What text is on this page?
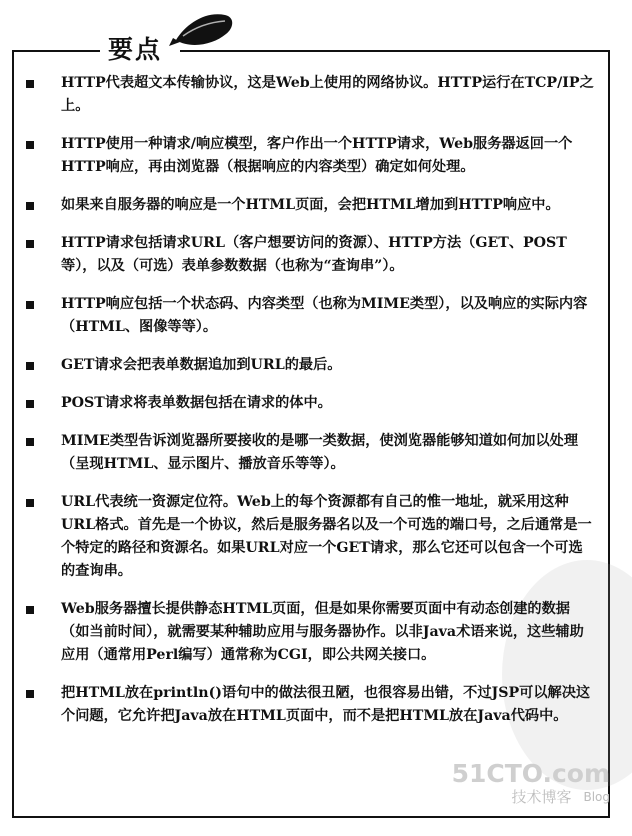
要点
HTTP代表超文本传输协议，这是Web上使用的网络协议。HTTP运行在TCP/IP之上。
HTTP使用一种请求/响应模型，客户作出一个HTTP请求，Web服务器返回一个HTTP响应，再由浏览器（根据响应的内容类型）确定如何处理。
如果来自服务器的响应是一个HTML页面，会把HTML增加到HTTP响应中。
HTTP请求包括请求URL（客户想要访问的资源）、HTTP方法（GET、POST等），以及（可选）表单参数数据（也称为“查询串”）。
HTTP响应包括一个状态码、内容类型（也称为MIME类型），以及响应的实际内容（HTML、图像等等）。
GET请求会把表单数据追加到URL的最后。
POST请求将表单数据包括在请求的体中。
MIME类型告诉浏览器所要接收的是哪一类数据，使浏览器能够知道如何加以处理（呈现HTML、显示图片、播放音乐等等）。
URL代表统一资源定位符。Web上的每个资源都有自己的惟一地址，就采用这种URL格式。首先是一个协议，然后是服务器名以及一个可选的端口号，之后通常是一个特定的路径和资源名。如果URL对应一个GET请求，那么它还可以包含一个可选的查询串。
Web服务器擅长提供静态HTML页面，但是如果你需要页面中有动态创建的数据（如当前时间），就需要某种辅助应用与服务器协作。以非Java术语来说，这些辅助应用（通常用Perl编写）通常称为CGI，即公共网关接口。
把HTML放在println()语句中的做法很丑陋，也很容易出错，不过JSP可以解决这个问题，它允许把Java放在HTML页面中，而不是把HTML放在Java代码中。
51CTO.com
技术博客 Blog
